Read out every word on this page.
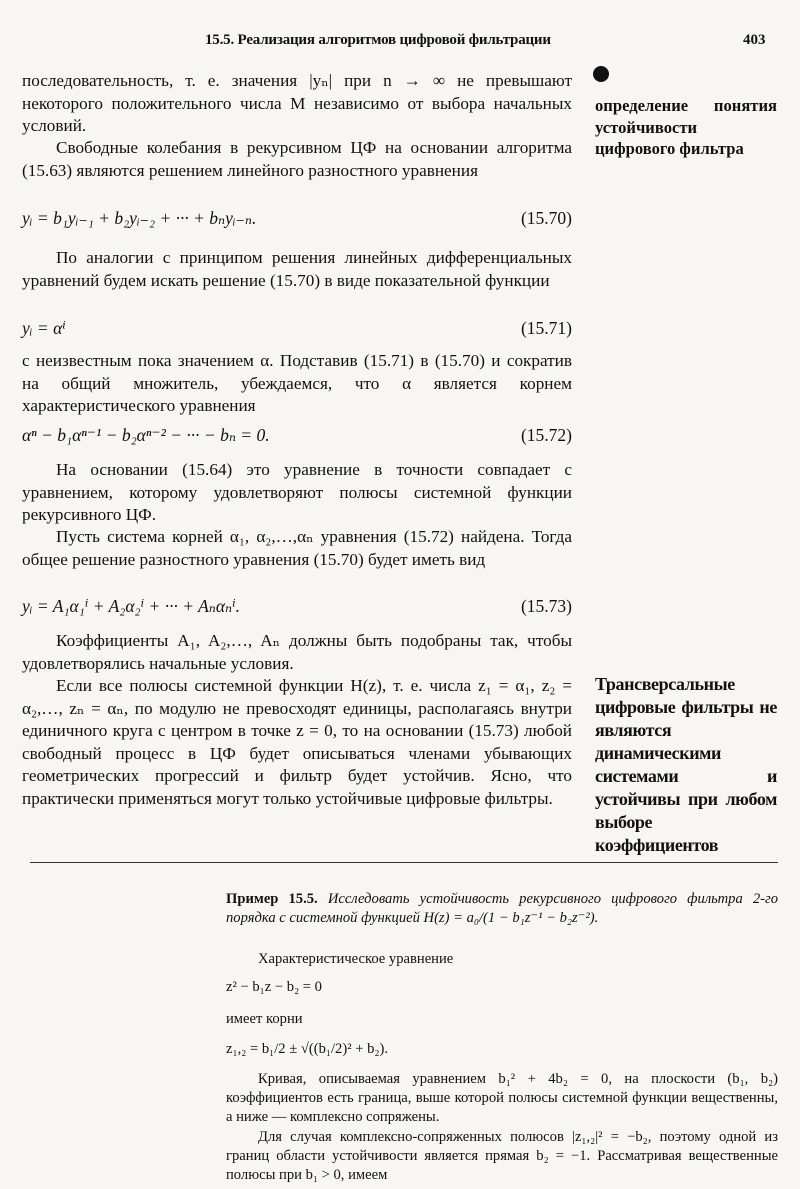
15.5. Реализация алгоритмов цифровой фильтрации	403

последовательность, т. е. значения |yₙ| при n → ∞ не превышают некоторого положительного числа M независимо от выбора начальных условий.

Свободные колебания в рекурсивном ЦФ на основании алгоритма (15.63) являются решением линейного разностного уравнения

yᵢ = b₁yᵢ₋₁ + b₂yᵢ₋₂ + ··· + bₙyᵢ₋ₙ.	(15.70)

По аналогии с принципом решения линейных дифференциальных уравнений будем искать решение (15.70) в виде показательной функции

yᵢ = αⁱ	(15.71)

с неизвестным пока значением α. Подставив (15.71) в (15.70) и сократив на общий множитель, убеждаемся, что α является корнем характеристического уравнения

αⁿ − b₁αⁿ⁻¹ − b₂αⁿ⁻² − ··· − bₙ = 0.	(15.72)

На основании (15.64) это уравнение в точности совпадает с уравнением, которому удовлетворяют полюсы системной функции рекурсивного ЦФ.

Пусть система корней α₁, α₂,…,αₙ уравнения (15.72) найдена. Тогда общее решение разностного уравнения (15.70) будет иметь вид

yᵢ = A₁α₁ⁱ + A₂α₂ⁱ + ··· + Aₙαₙⁱ.	(15.73)

Коэффициенты A₁, A₂,…, Aₙ должны быть подобраны так, чтобы удовлетворялись начальные условия.

Если все полюсы системной функции H(z), т. е. числа z₁ = α₁, z₂ = α₂,…, zₙ = αₙ, по модулю не превосходят единицы, располагаясь внутри единичного круга с центром в точке z = 0, то на основании (15.73) любой свободный процесс в ЦФ будет описываться членами убывающих геометрических прогрессий и фильтр будет устойчив. Ясно, что практически применяться могут только устойчивые цифровые фильтры.

определение понятия устойчивости цифрового фильтра
Трансверсальные цифровые фильтры не являются динамическими системами и устойчивы при любом выборе коэффициентов

Пример 15.5. Исследовать устойчивость рекурсивного цифрового фильтра 2-го порядка с системной функцией H(z) = a₀/(1 − b₁z⁻¹ − b₂z⁻²).

Характеристическое уравнение
z² − b₁z − b₂ = 0
имеет корни
z₁,₂ = b₁/2 ± √((b₁/2)² + b₂).

Кривая, описываемая уравнением b₁² + 4b₂ = 0, на плоскости (b₁, b₂) коэффициентов есть граница, выше которой полюсы системной функции вещественны, а ниже — комплексно сопряжены.

Для случая комплексно-сопряженных полюсов |z₁,₂|² = −b₂, поэтому одной из границ области устойчивости является прямая b₂ = −1. Рассматривая вещественные полюсы при b₁ > 0, имеем
